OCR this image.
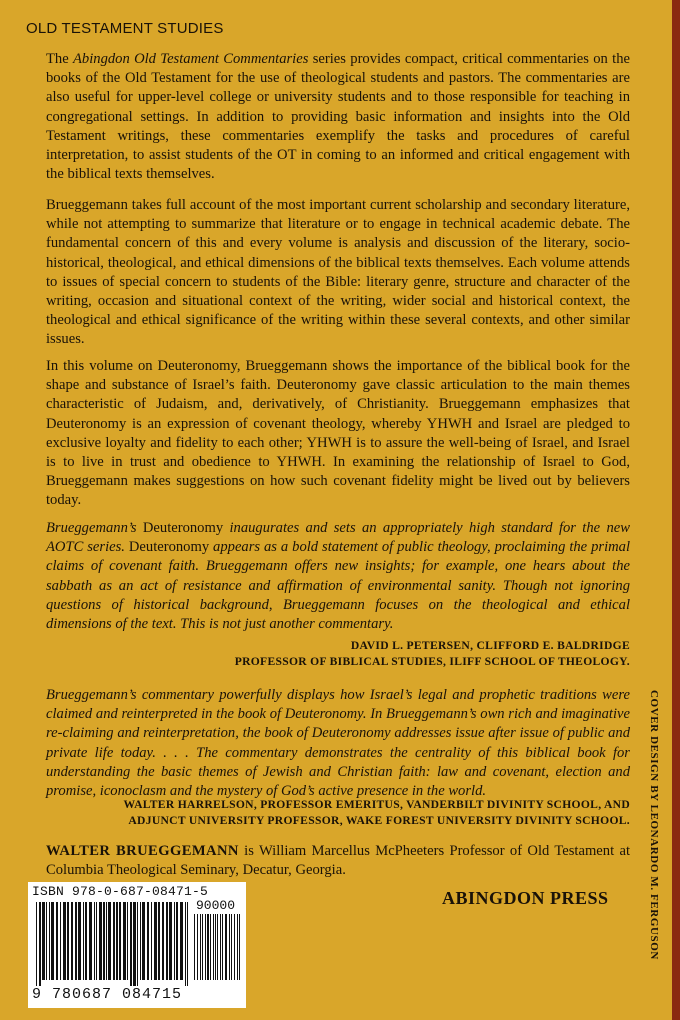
OLD TESTAMENT STUDIES

The Abingdon Old Testament Commentaries series provides compact, critical commentaries on the books of the Old Testament for the use of theological students and pastors. The commentaries are also useful for upper-level college or university students and to those responsible for teaching in congregational settings. In addition to providing basic information and insights into the Old Testament writings, these commentaries exemplify the tasks and procedures of careful interpretation, to assist students of the OT in coming to an informed and critical engagement with the biblical texts themselves.

Brueggemann takes full account of the most important current scholarship and secondary literature, while not attempting to summarize that literature or to engage in technical academic debate. The fundamental concern of this and every volume is analysis and discussion of the literary, socio-historical, theological, and ethical dimensions of the biblical texts themselves. Each volume attends to issues of special concern to students of the Bible: literary genre, structure and character of the writing, occasion and situational context of the writing, wider social and historical context, the theological and ethical significance of the writing within these several contexts, and other similar issues.

In this volume on Deuteronomy, Brueggemann shows the importance of the biblical book for the shape and substance of Israel’s faith. Deuteronomy gave classic articulation to the main themes characteristic of Judaism, and, derivatively, of Christianity. Brueggemann emphasizes that Deuteronomy is an expression of covenant theology, whereby YHWH and Israel are pledged to exclusive loyalty and fidelity to each other; YHWH is to assure the well-being of Israel, and Israel is to live in trust and obedience to YHWH. In examining the relationship of Israel to God, Brueggemann makes suggestions on how such covenant fidelity might be lived out by believers today.

Brueggemann’s Deuteronomy inaugurates and sets an appropriately high standard for the new AOTC series. Deuteronomy appears as a bold statement of public theology, proclaiming the primal claims of covenant faith. Brueggemann offers new insights; for example, one hears about the sabbath as an act of resistance and affirmation of environmental sanity. Though not ignoring questions of historical background, Brueggemann focuses on the theological and ethical dimensions of the text. This is not just another commentary.

DAVID L. PETERSEN, CLIFFORD E. BALDRIDGE
PROFESSOR OF BIBLICAL STUDIES, ILIFF SCHOOL OF THEOLOGY.

Brueggemann’s commentary powerfully displays how Israel’s legal and prophetic traditions were claimed and reinterpreted in the book of Deuteronomy. In Brueggemann’s own rich and imaginative re-claiming and reinterpretation, the book of Deuteronomy addresses issue after issue of public and private life today. . . . The commentary demonstrates the centrality of this biblical book for understanding the basic themes of Jewish and Christian faith: law and covenant, election and promise, iconoclasm and the mystery of God’s active presence in the world.

WALTER HARRELSON, PROFESSOR EMERITUS, VANDERBILT DIVINITY SCHOOL, AND
ADJUNCT UNIVERSITY PROFESSOR, WAKE FOREST UNIVERSITY DIVINITY SCHOOL.

WALTER BRUEGGEMANN is William Marcellus McPheeters Professor of Old Testament at Columbia Theological Seminary, Decatur, Georgia.

ABINGDON PRESS
ISBN 978-0-687-08471-5
90000
9 780687 084715
COVER DESIGN BY LEONARDO M. FERGUSON
